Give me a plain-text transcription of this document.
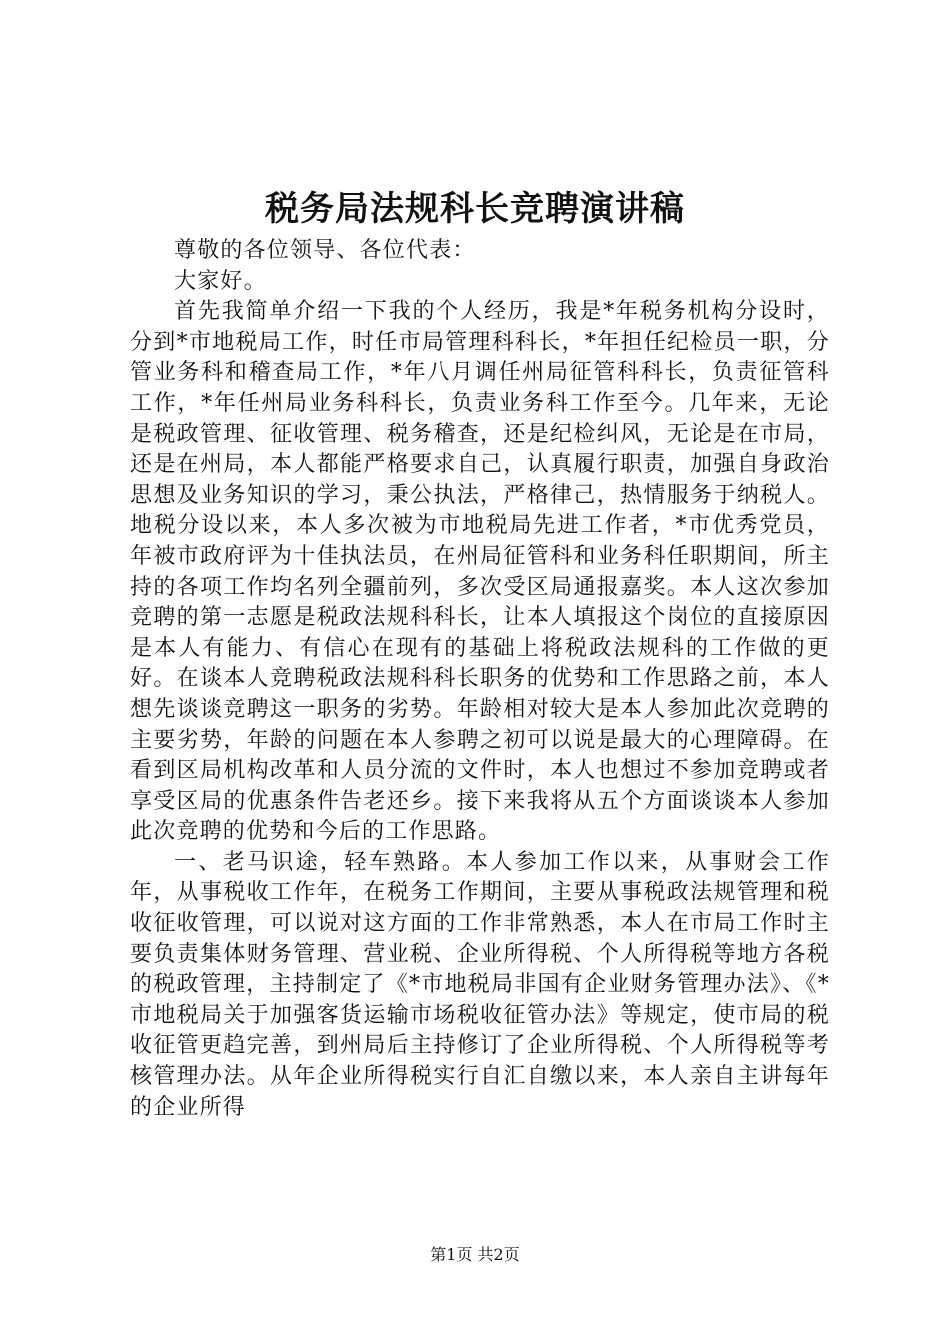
税务局法规科长竞聘演讲稿

尊敬的各位领导、各位代表：

大家好。

首先我简单介绍一下我的个人经历，我是*年税务机构分设时，分到*市地税局工作，时任市局管理科科长，*年担任纪检员一职，分管业务科和稽查局工作，*年八月调任州局征管科科长，负责征管科工作，*年任州局业务科科长，负责业务科工作至今。几年来，无论是税政管理、征收管理、税务稽查，还是纪检纠风，无论是在市局，还是在州局，本人都能严格要求自己，认真履行职责，加强自身政治思想及业务知识的学习，秉公执法，严格律己，热情服务于纳税人。地税分设以来，本人多次被为市地税局先进工作者，*市优秀党员，年被市政府评为十佳执法员，在州局征管科和业务科任职期间，所主持的各项工作均名列全疆前列，多次受区局通报嘉奖。本人这次参加竞聘的第一志愿是税政法规科科长，让本人填报这个岗位的直接原因是本人有能力、有信心在现有的基础上将税政法规科的工作做的更好。在谈本人竞聘税政法规科科长职务的优势和工作思路之前，本人想先谈谈竞聘这一职务的劣势。年龄相对较大是本人参加此次竞聘的主要劣势，年龄的问题在本人参聘之初可以说是最大的心理障碍。在看到区局机构改革和人员分流的文件时，本人也想过不参加竞聘或者享受区局的优惠条件告老还乡。接下来我将从五个方面谈谈本人参加此次竞聘的优势和今后的工作思路。

一、老马识途，轻车熟路。本人参加工作以来，从事财会工作年，从事税收工作年，在税务工作期间，主要从事税政法规管理和税收征收管理，可以说对这方面的工作非常熟悉，本人在市局工作时主要负责集体财务管理、营业税、企业所得税、个人所得税等地方各税的税政管理，主持制定了《*市地税局非国有企业财务管理办法》、《*市地税局关于加强客货运输市场税收征管办法》等规定，使市局的税收征管更趋完善，到州局后主持修订了企业所得税、个人所得税等考核管理办法。从年企业所得税实行自汇自缴以来，本人亲自主讲每年的企业所得

第1页 共2页
